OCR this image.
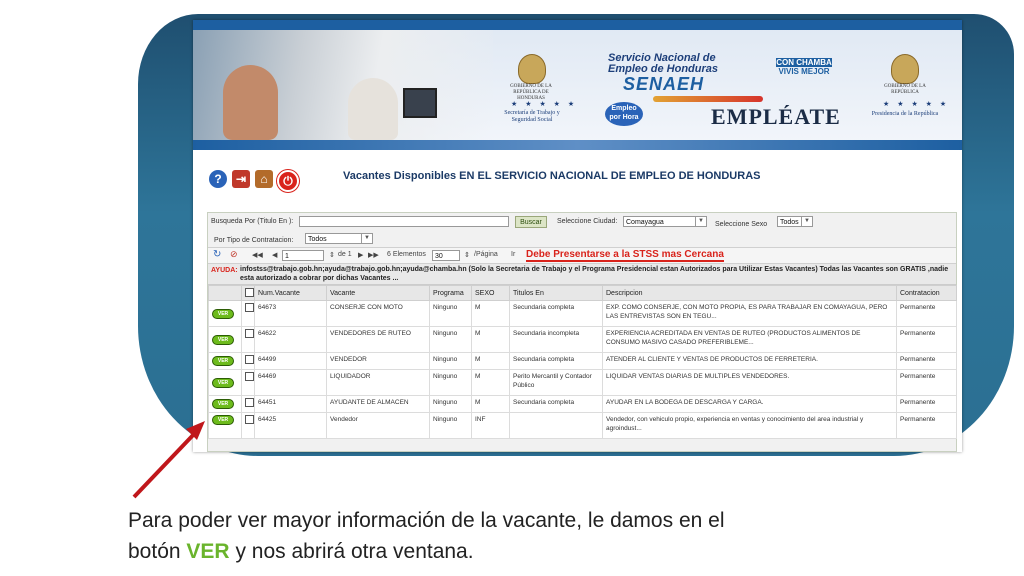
GOBIERNO DE LA REPÚBLICA DE HONDURAS
★ ★ ★ ★ ★
Secretaría de Trabajo y Seguridad Social
Servicio Nacional de
Empleo de Honduras
SENAEH
Empleo por Hora	EMPLÉATE
CON CHAMBA
VIVIS MEJOR
GOBIERNO DE LA REPÚBLICA
★ ★ ★ ★ ★
Presidencia de la República
?	⇥	⌂	⏻	Vacantes Disponibles EN EL SERVICIO NACIONAL DE EMPLEO DE HONDURAS
Busqueda Por (Titulo En ):	Buscar	Seleccione Ciudad:	Comayagua	▼ Seleccione Sexo	Todos ▼
Por Tipo de Contratacion:	Todos	▼
↻ ⊘ ◀◀ ◀	1	⇕ de 1 ▶ ▶▶ 6 Elementos	30	⇕ /Página Ir Debe Presentarse a la STSS mas Cercana
AYUDA: infostss@trabajo.gob.hn;ayuda@trabajo.gob.hn;ayuda@chamba.hn (Solo la Secretaria de Trabajo y el Programa Presidencial estan Autorizados para Utilizar Estas Vacantes) Todas las Vacantes son GRATIS ,nadie esta autorizado a cobrar por dichas Vacantes ...
		Num.Vacante	Vacante	Programa	SEXO	Titulos En	Descripcion	Contratacion
VER		64673	CONSERJE CON MOTO	Ninguno	M	Secundaria completa	EXP. COMO CONSERJE, CON MOTO PROPIA, ES PARA TRABAJAR EN COMAYAGUA, PERO LAS ENTREVISTAS SON EN TEGU...	Permanente
VER		64622	VENDEDORES DE RUTEO	Ninguno	M	Secundaria incompleta	EXPERIENCIA ACREDITADA EN VENTAS DE RUTEO (PRODUCTOS ALIMENTOS DE CONSUMO MASIVO CASADO PREFERIBLEME...	Permanente
VER		64499	VENDEDOR	Ninguno	M	Secundaria completa	ATENDER AL CLIENTE Y VENTAS DE PRODUCTOS DE FERRETERIA.	Permanente
VER		64469	LIQUIDADOR	Ninguno	M	Perito Mercantil y Contador Público	LIQUIDAR VENTAS DIARIAS DE MULTIPLES VENDEDORES.	Permanente
VER		64451	AYUDANTE DE ALMACEN	Ninguno	M	Secundaria completa	AYUDAR EN LA BODEGA DE DESCARGA Y CARGA.	Permanente
VER		64425	Vendedor	Ninguno	INF		Vendedor, con vehiculo propio, experiencia en ventas y conocimiento del area industrial y agroindust...	Permanente
Para poder ver mayor información de la vacante, le damos en el botón VER y nos abrirá otra ventana.
